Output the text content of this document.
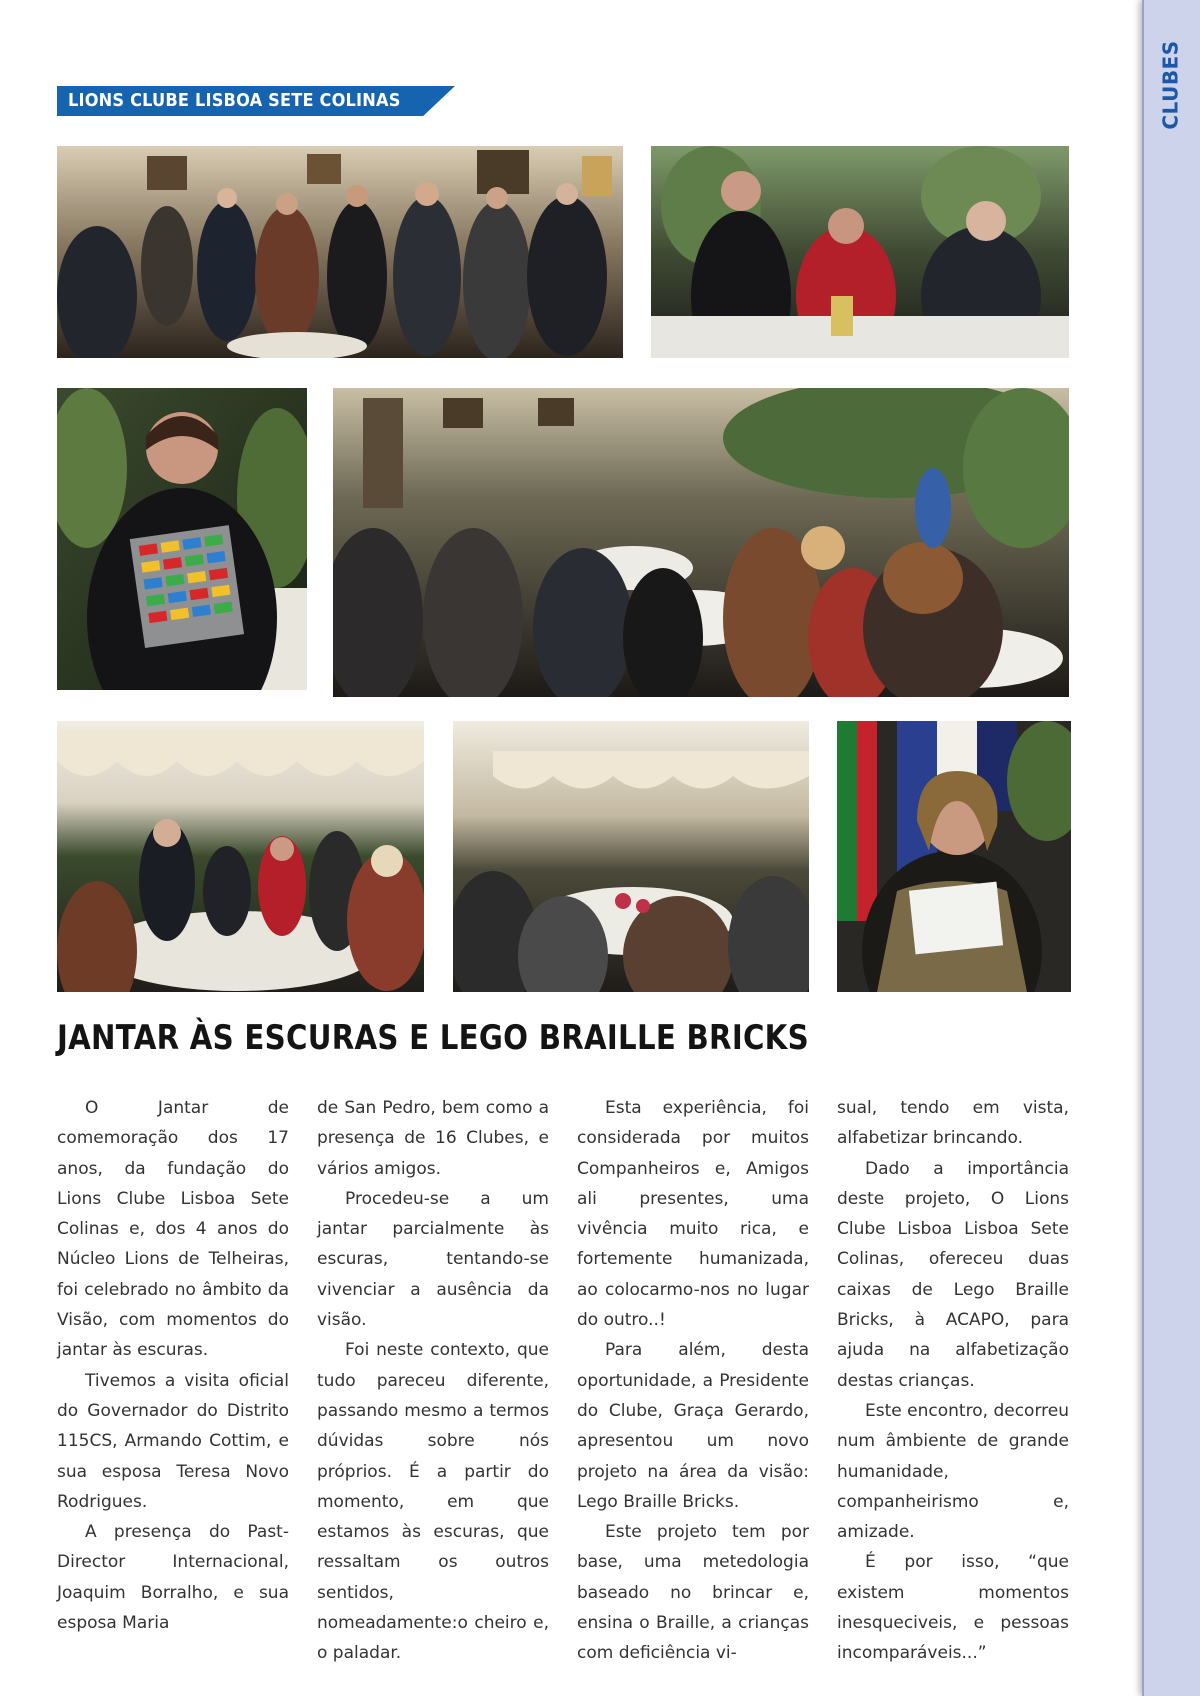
CLUBES
LIONS CLUBE LISBOA SETE COLINAS
JANTAR ÀS ESCURAS E LEGO BRAILLE BRICKS

O Jantar de comemoração dos 17 anos, da fundação do Lions Clube Lisboa Sete Colinas e, dos 4 anos do Núcleo Lions de Telheiras, foi celebrado no âmbito da Visão, com momentos do jantar às escuras.

Tivemos a visita oficial do Governador do Distrito 115CS, Armando Cottim, e sua esposa Teresa Novo Rodrigues.

A presença do Past- Director Internacional, Joaquim Borralho, e sua esposa Maria

de San Pedro, bem como a presença de 16 Clubes, e vários amigos.

Procedeu-se a um jantar parcialmente às escuras, tentando-se vivenciar a ausência da visão.

Foi neste contexto, que tudo pareceu diferente, passando mesmo a termos dúvidas sobre nós próprios. É a partir do momento, em que estamos às escuras, que ressaltam os outros sentidos, nomeadamente:o cheiro e, o paladar.

Esta experiência, foi considerada por muitos Companheiros e, Amigos ali presentes, uma vivência muito rica, e fortemente humanizada, ao colocarmo-nos no lugar do outro..!

Para além, desta oportunidade, a Presidente do Clube, Graça Gerardo, apresentou um novo projeto na área da visão: Lego Braille Bricks.

Este projeto tem por base, uma metedologia baseado no brincar e, ensina o Braille, a crianças com deficiência vi-

sual, tendo em vista, alfabetizar brincando.

Dado a importância deste projeto, O Lions Clube Lisboa Lisboa Sete Colinas, ofereceu duas caixas de Lego Braille Bricks, à ACAPO, para ajuda na alfabetização destas crianças.

Este encontro, decorreu num âmbiente de grande humanidade, companheirismo e, amizade.

É por isso, “que existem momentos inesqueciveis, e pessoas incomparáveis...”
